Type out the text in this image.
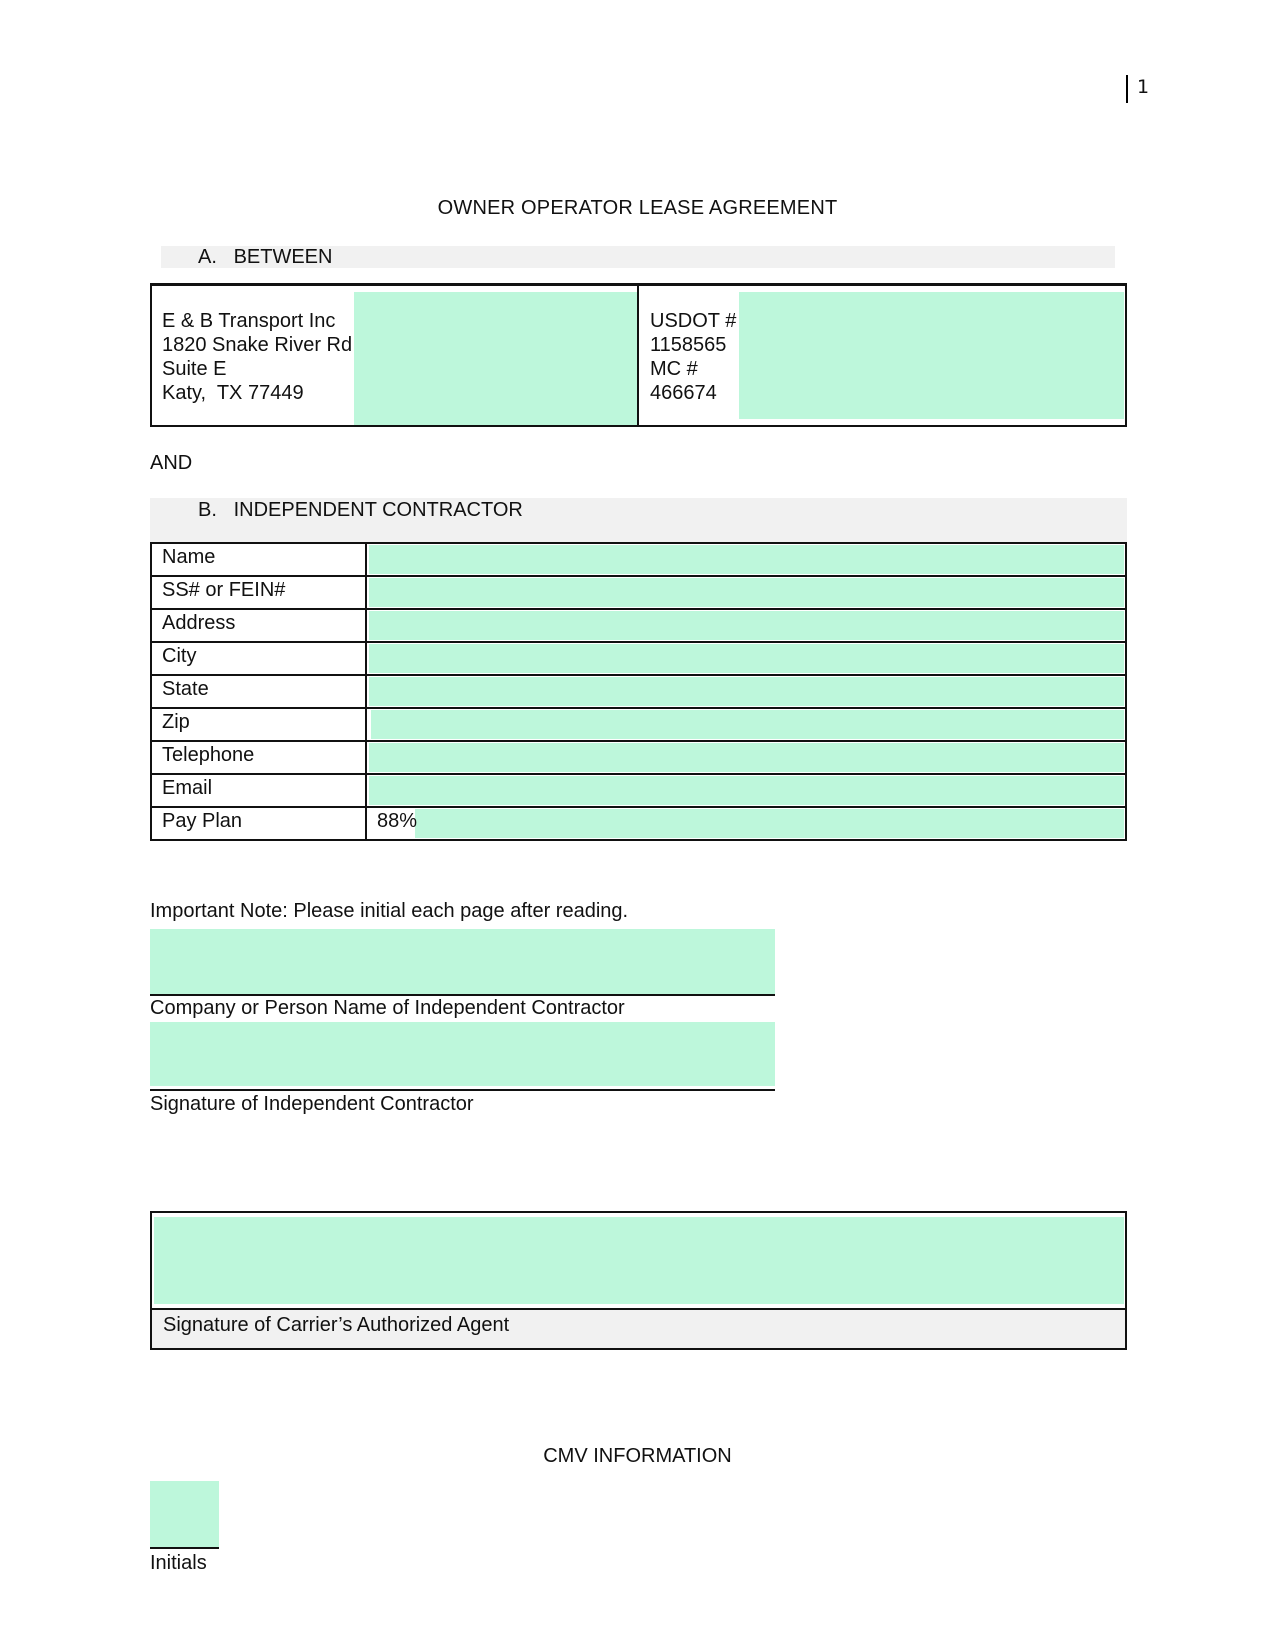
1
OWNER OPERATOR LEASE AGREEMENT
A.   BETWEEN
E & B Transport Inc
1820 Snake River Rd
Suite E
Katy,  TX 77449
USDOT #
1158565
MC #
466674
AND
B.   INDEPENDENT CONTRACTOR
Name	

SS# or FEIN#	

Address	

City	

State	

Zip	

Telephone	

Email	

Pay Plan	88%
Important Note: Please initial each page after reading.
Company or Person Name of Independent Contractor
Signature of Independent Contractor
Signature of Carrier’s Authorized Agent
CMV INFORMATION
Initials
